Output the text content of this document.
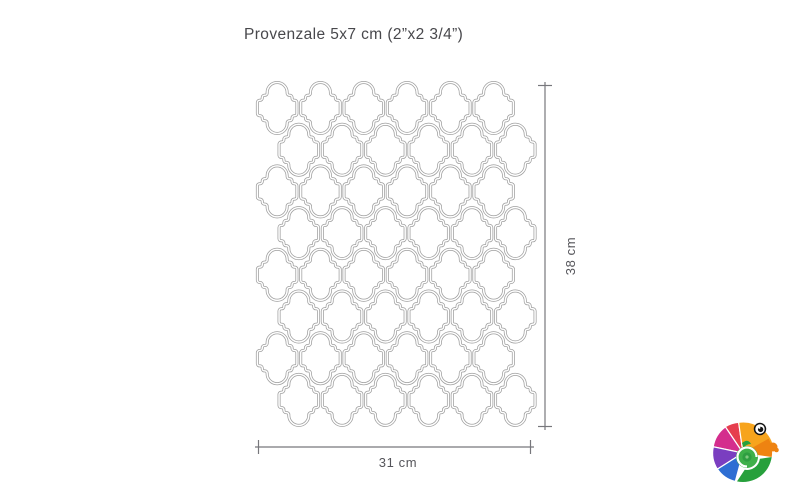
Provenzale 5x7 cm (2”x2 3/4”)
38 cm
31 cm
